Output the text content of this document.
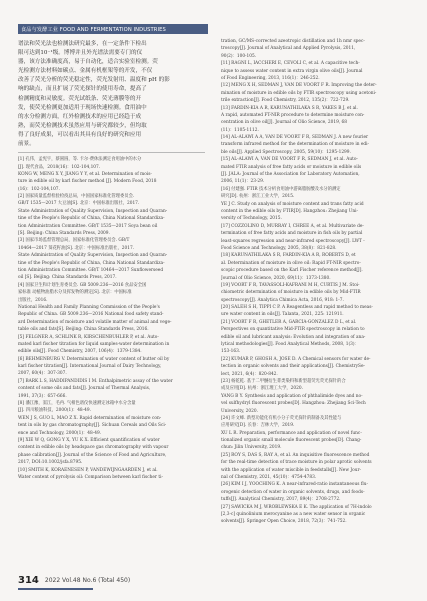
食品与发酵工业 FOOD AND FERMENTATION INDUSTRIES
谱法和荧光法也检测法研究最多，在一定条件下检出
限可达到10⁻¹级。博博并且外光谱法需要专门的仪
器，该方法准确度高，易于自动化，适合实验室检测。荧
光检测方法材料如碳点、金属有机框架等的开发，不仅
改善了荧光分析的荧光稳定性，荧光发射用、温度和 pH 的影
响的缺点，而且扩展了荧光探针的使用寿命，提高了
检测精度和灵敏度。荧光试纸条、荧光薄膜等的开
发，使荧光检测更加适用于现场快速检测。食用油中
的水分检测方面，红外检测技术的应用已经趋于成
熟，而荧光检测技术虽然应用与研究都较少，但均取
得了良好成果，可以看出其具有良好的研究和应用
前景。
[1] 孔伟，孟宪宇，蔡圆圆，等. 卡尔·费休法测定食用油中的水分
[J]. 现代食品，2018(16)：102-104,107.
KONG W, MENG X Y, JIANG Y Y, et al. Determination of mois-
ture in edible oil by karl fischer method [J]. Modern Food, 2018
(16)：102-104,107.
[2] 国家质量监督检验检疫总局，中国国家标准化管理委员会.
GB/T 1535—2017 大豆油[S]. 北京：中国标准出版社，2017.
State Administration of Quality Supervision, Inspection and Quaran-
tine of the People's Republic of China, China National Standardiza-
tion Administration Committee. GB/T 1535—2017 Soya bean oil
[S]. Beijing: China Standards Press, 2009.
[3] 国家市场监督管理总局，国家标准化管理委员会. GB/T
10464—2017 葵花籽油[S]. 北京：中国标准出版社，2017.
State Administration of Quality Supervision, Inspection and Quaran-
tine of the People's Republic of China, China National Standardiza-
tion Administration Committee. GB/T 10464—2017 Sunflowerseed
oil [S]. Beijing: China Standards Press, 2017.
[4] 国家卫生和计划生育委员会. GB 5009.236—2016 食品安全国
家标准 动植物油脂水分及挥发物的测定[S]. 北京：中国标准
出版社，2016.
National Health and Family Planning Commission of the People's
Republic of China. GB 5009.236—2016 National food safety stand-
ard Determination of moisture and volatile matter of animal and vege-
table oils and fats[S]. Beijing: China Standards Press, 2016.
[5] FELGNER A, SCHLINK R, KIRSCHENBÜHLER P, et al. Auto-
mated karl fischer titration for liquid samples-water determination in
edible oils[J]. Food Chemistry, 2007, 106(4)：1379-1384.
[6] BEHMENBURG V. Determination of water content of butter oil by
karl fischer titration[J]. International Journal of Dairy Technology,
2007, 60(4)：307-307.
[7] BARK L S, HADDIPANDIDIS I M. Enthalpimetric assay of the water
content of some oils and fats[J]. Journal of Thermal Analysis,
1991, 37(3)：657-666.
[8] 潘江豫，窦江，毛冉. 气相色谱仪快速测定冰箱中水分含量
[J]. 四川粮油科技，2000(1)：48-49.
WEN J S, GUO L, MAO Z X. Rapid determination of moisture con-
tent in oils by gas chromatography[J]. Sichuan Cereals and Oils Sci-
ence and Technology, 2000(1)：48-49.
[9] XIE W Q, GONG Y X, YU K X. Efficient quantification of water
content in edible oils by headspace gas chromatography with vapour
phase calibration[J]. Journal of the Science of Food and Agriculture,
2017, DOI:10.1002/jsfa.8795.
[10] SMITH K, KORAENESEN P, VANDEWIJNGAARDEN J, et al.
Water content of pyrolysis oil: Comparison between karl fischer ti-
tration, GC/MS-corrected azeotropic distillation and 1h nmr spec-
troscopy[J]. Journal of Analytical and Applied Pyrolysis, 2011,
90(2)：100-105.
[11] RAGNI L, IACCHERI E, CEVOLI C, et al. A capacitive tech-
nique to assess water content in extra virgin olive oils[J]. Journal
of Food Engineering, 2013, 116(1)：246-252.
[12] MENG X H, SEDMAN J, VAN DE VOORT F R. Improving the deter-
mination of moisture in edible oils by FTIR spectroscopy using acetoni-
trile extraction[J]. Food Chemistry, 2012, 135(2)：722-729.
[13] FARDIN-KIA A R, KARUNATHILAKA S R, YAKES B J, et al.
A rapid, automated FT-NIR procedure to determine moisture con-
centration in olive oil[J]. Journal of Olio Science, 2019, 68
(11)：1105-1112.
[14] AL-ALAWI A A, VAN DE VOORT F R, SEDMAN J. A new fourier
transform infrared method for the determination of moisture in edi-
ble oils[J]. Applied Spectroscopy, 2005, 59(10)：1295-1299.
[15] AL-ALAWI A, VAN DE VOORT F R, SEDMAN J, et al. Auto-
mated FTIR analysis of free fatty acids or moisture in edible oils
[J]. JALA: Journal of the Association for Laboratory Automation,
2006, 11(1)：23-29.
[16] 付建强. FTIR 技术分析食用油中游离脂肪酸及水分的测定
研究[D]. 杭州：浙江工业大学，2015.
YE J C. Study on analysis of moisture content and trans fatty acid
content in the edible oils by FTIR[D]. Hangzhou: Zhejiang Uni-
versity of Technology, 2015.
[17] COZZOLINO D, MURRAY I, CHREE A, et al. Multivariate de-
termination of free fatty acids and moisture in fish oils by partial
least-squares regression and near-infrared spectroscopy[J]. LWT -
Food Science and Technology, 2005, 38(8)：821-828.
[18] KARUNATHILAKA S R, FARDIN-KIA A R, ROBERTS D, et
al. Determination of moisture in olive oil: Rapid FT-NIR spectro-
scopic procedure based on the Karl Fischer reference method[J].
Journal of Olio Science, 2020, 69(11)：1373-1380.
[19] VOORT F R, TAVASSOLI-KAFRANI M H, CURTIS J M. Stoi-
chiometric determination of moisture in edible oils by Mid-FTIR
spectroscopy[J]. Analytica Chimica Acta, 2016, 918: 1-7.
[20] SALEH S H, TIPPI C P. A Reagentless and rapid method to meas-
ure water content in oils[J]. Talanta, 2021, 225: 121911.
[21] VOORT F R, GHETLER A, GARCIA-GONZALEZ D L, et al.
Perspectives on quantitative Mid-FTIR spectroscopy in relation to
edible oil and lubricant analysis: Evolution and integration of ana-
lytical methodologies[J]. Food Analytical Methods, 2008, 1(3)：
153-163.
[22] KUMAR P, GHOSH A, JOSE D. A Chemical sensors for water de-
tection in organic solvents and their applications[J]. ChemistrySe-
lect, 2021, 6(4)：820-842.
[23] 杨乾乾. 基于二甲醚衍生菁类染料和新型超荧光荧光探针的合
成及应用[D]. 杭州：浙江理工大学，2020.
YANG B Y. Synthesis and application of phthalimide dyes and no-
vel sulfhydryl fluorescent probes[D]. Hangzhou: Zhejiang Sci-Tech
University, 2020.
[24] 许文峰. 新型功能化有机小分子荧光探针的制备及其性能与
应用研究[D]. 长春：吉林大学，2019.
XU L R. Preparation, performance and application of novel func-
tionalized organic small molecule fluorescent probes[D]. Chang-
chun: Jilin University, 2019.
[25] ROY S, DAS S, RAY A, et al. An inquisitive fluorescence method
for the real-time detection of trace moisture in polar aprotic solvents
with the application of water miscible in feedstalls[J]. New Jour-
nal of Chemistry, 2021, 45(10)：4754-4783.
[26] KIM I J, YOOCHING K. A near-infrared-ratio instantaneous flu-
orogenic detection of water in organic solvents, drugs, and foods-
tuffs[J]. Analytical Chemistry, 2017, 89(4)：2708-2772.
[27] SAWICKA M J, WRÓBLEWSKA E K. The application of 7H-indolo
[2,3-c] quinolinium merocyanine as a new water sensor in organic
solvents[J]. Springer Open Choice, 2018, 72(3)：741-752.
314 2022 Vol.48 No.6 (Total 450)
